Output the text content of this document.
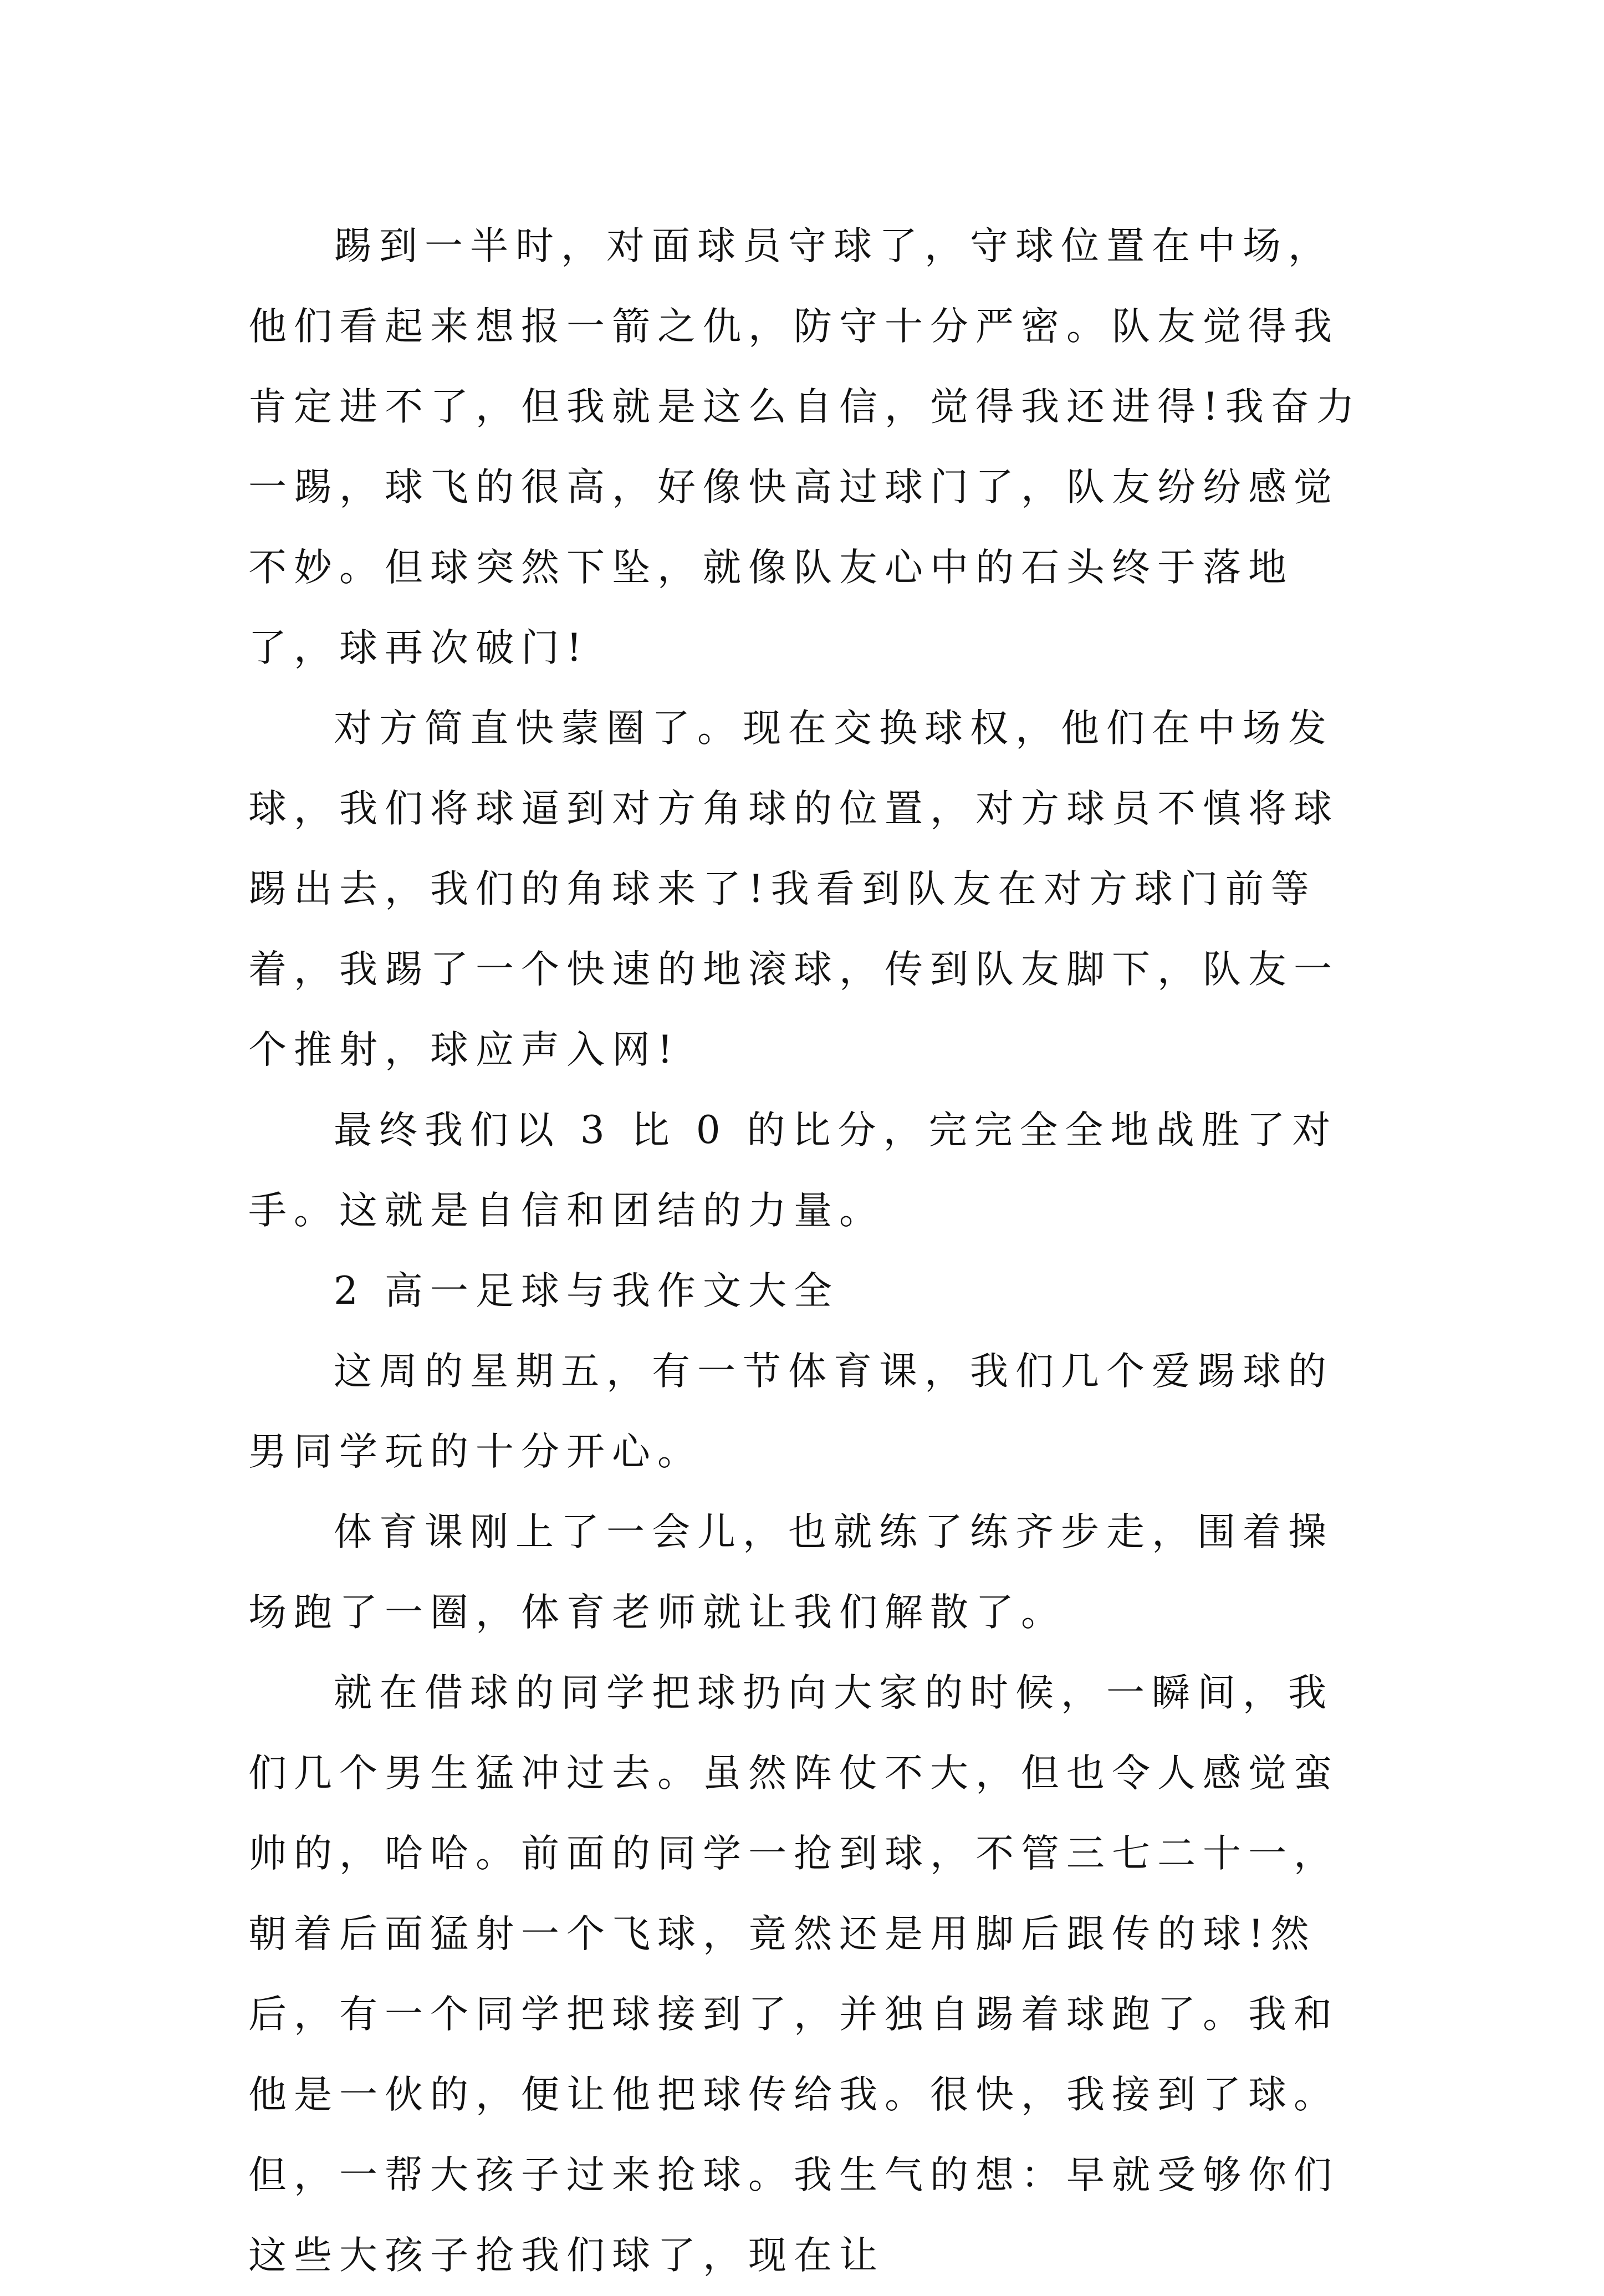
踢到一半时，对面球员守球了，守球位置在中场，他们看起来想报一箭之仇，防守十分严密。队友觉得我肯定进不了，但我就是这么自信，觉得我还进得!我奋力一踢，球飞的很高，好像快高过球门了，队友纷纷感觉不妙。但球突然下坠，就像队友心中的石头终于落地了，球再次破门!

对方简直快蒙圈了。现在交换球权，他们在中场发球，我们将球逼到对方角球的位置，对方球员不慎将球踢出去，我们的角球来了!我看到队友在对方球门前等着，我踢了一个快速的地滚球，传到队友脚下，队友一个推射，球应声入网!

最终我们以 3 比 0 的比分，完完全全地战胜了对手。这就是自信和团结的力量。

2 高一足球与我作文大全

这周的星期五，有一节体育课，我们几个爱踢球的男同学玩的十分开心。

体育课刚上了一会儿，也就练了练齐步走，围着操场跑了一圈，体育老师就让我们解散了。

就在借球的同学把球扔向大家的时候，一瞬间，我们几个男生猛冲过去。虽然阵仗不大，但也令人感觉蛮帅的，哈哈。前面的同学一抢到球，不管三七二十一，朝着后面猛射一个飞球，竟然还是用脚后跟传的球!然后，有一个同学把球接到了，并独自踢着球跑了。我和他是一伙的，便让他把球传给我。很快，我接到了球。但，一帮大孩子过来抢球。我生气的想：早就受够你们这些大孩子抢我们球了，现在让
